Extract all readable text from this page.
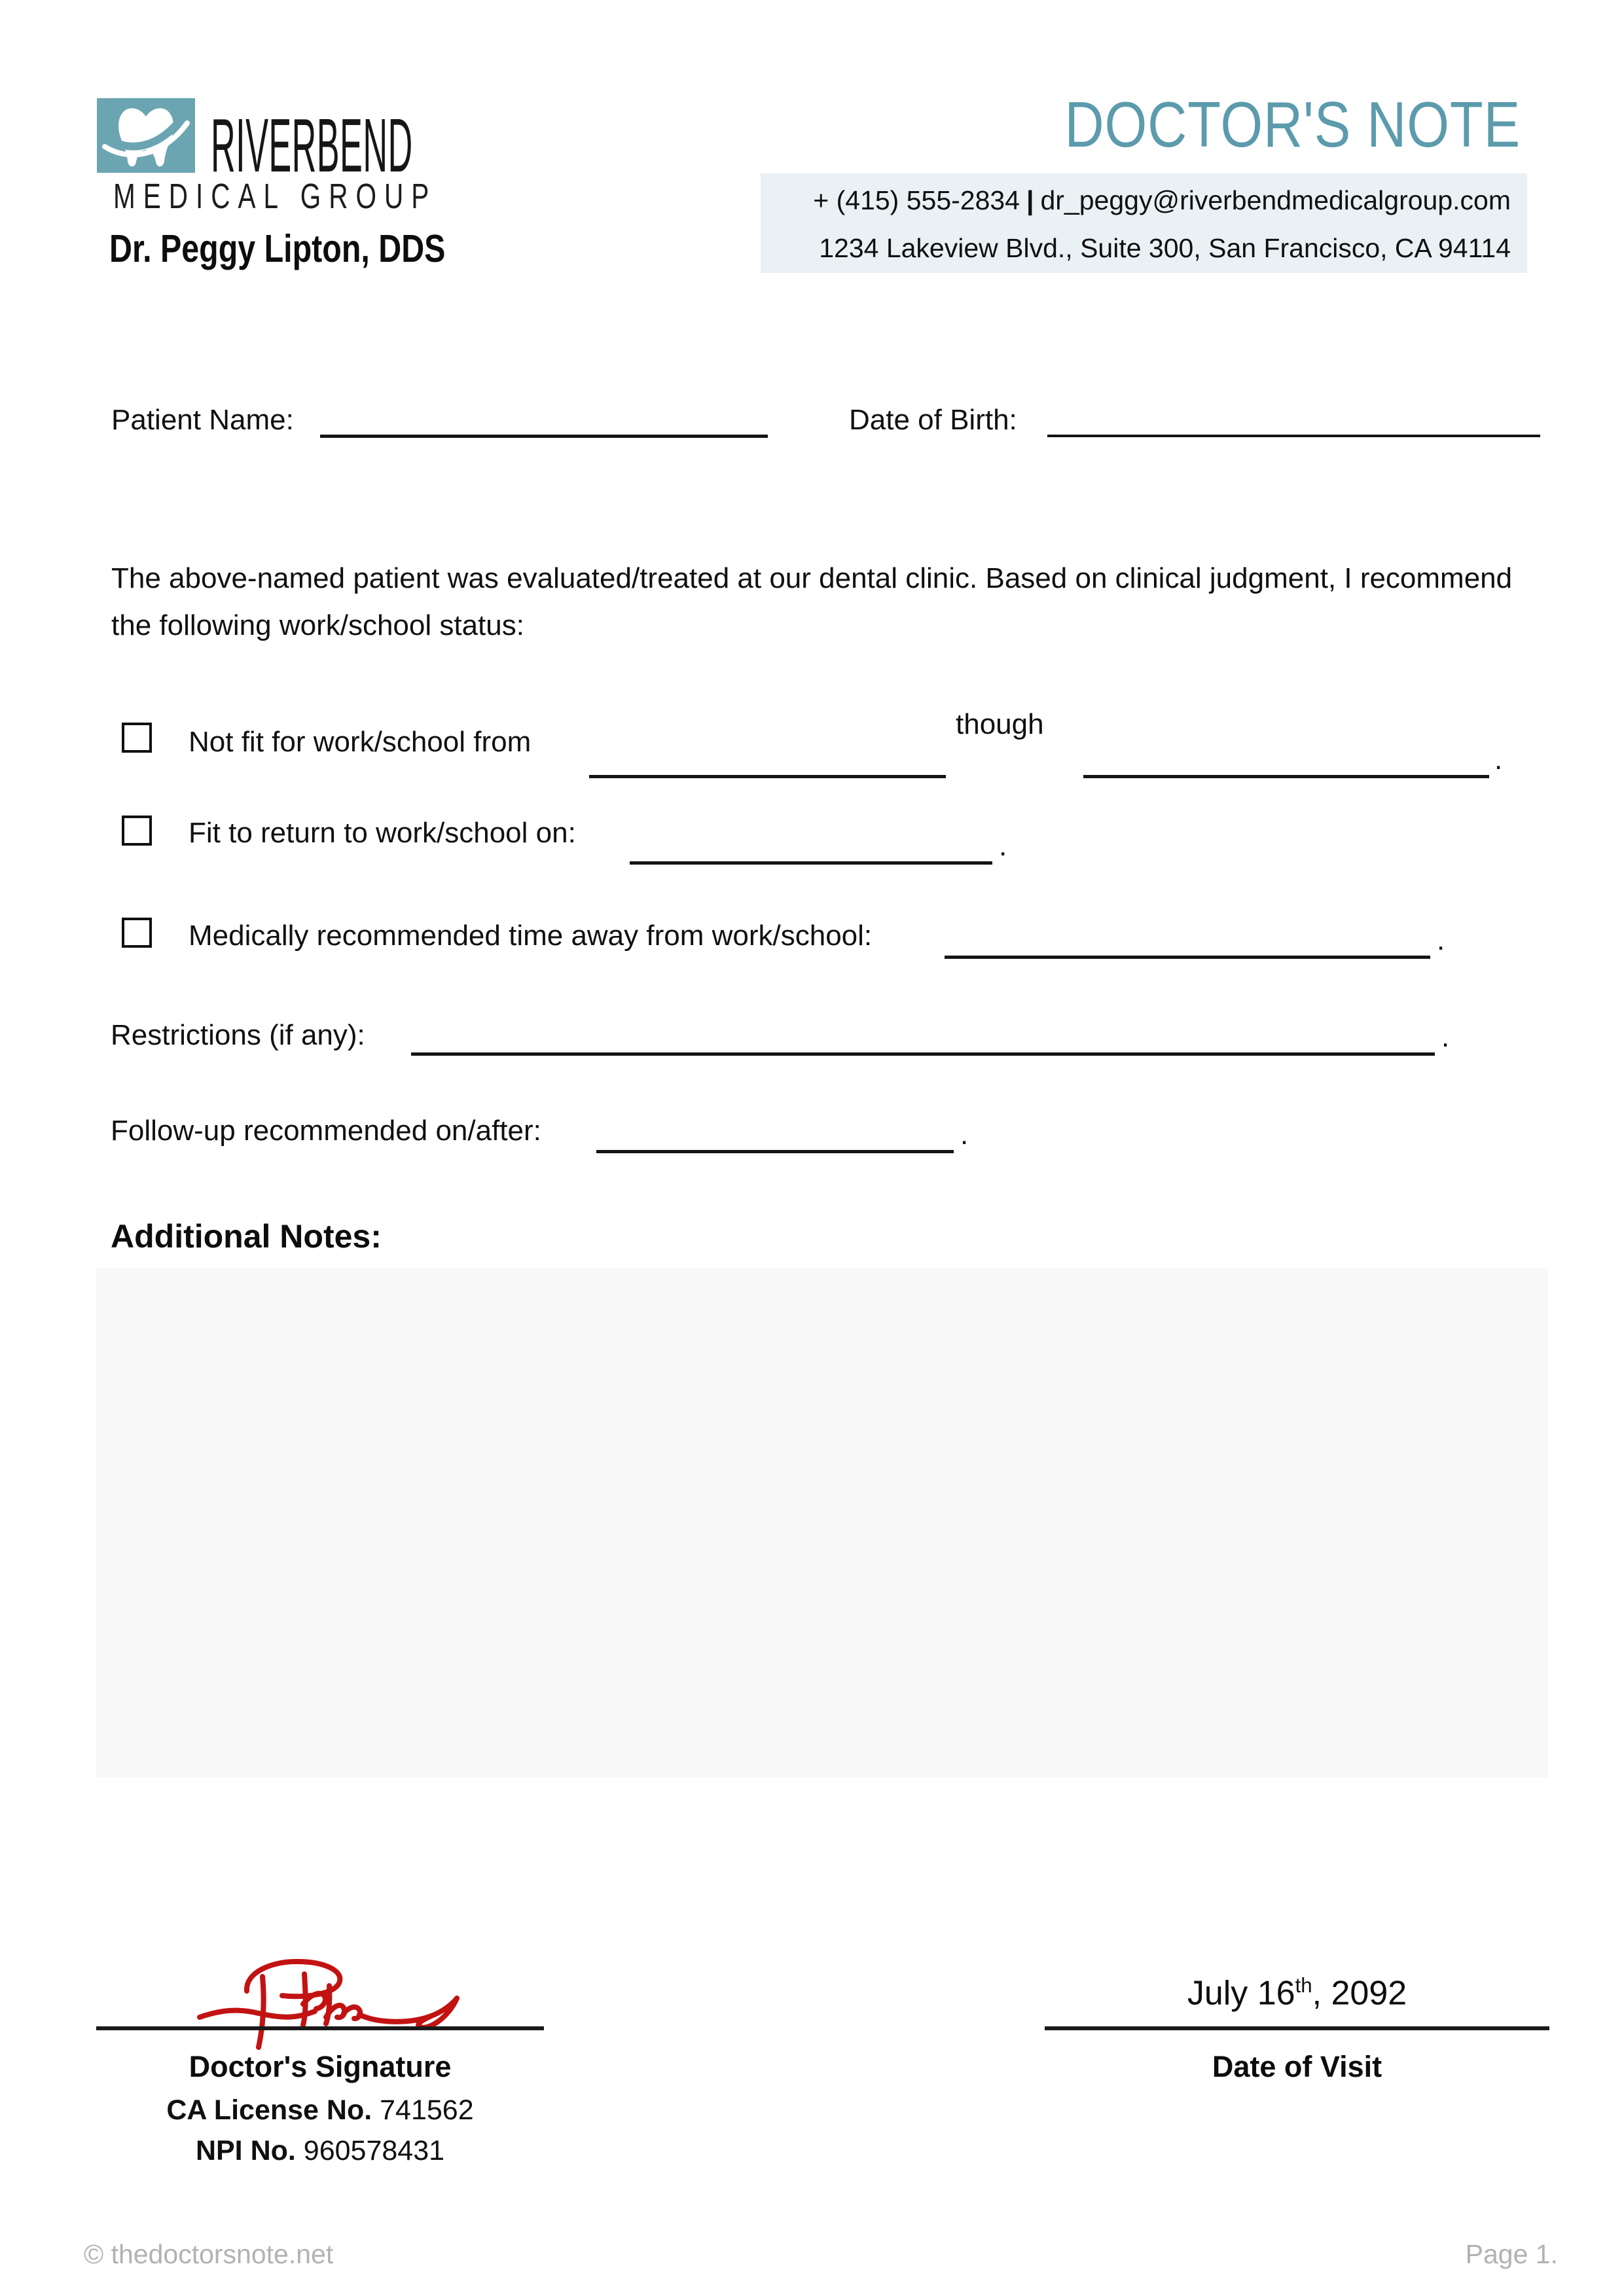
RIVERBEND
MEDICAL GROUP
Dr. Peggy Lipton, DDS
DOCTOR'S NOTE
+ (415) 555-2834 | dr_peggy@riverbendmedicalgroup.com
1234 Lakeview Blvd., Suite 300, San Francisco, CA 94114
Patient Name:	Date of Birth:
The above-named patient was evaluated/treated at our dental clinic. Based on clinical judgment, I recommend the following work/school status:
Not fit for work/school from
though
.
Fit to return to work/school on:	.
Medically recommended time away from work/school:	.
Restrictions (if any):	.
Follow-up recommended on/after:	.
Additional Notes:
July 16th, 2092
Doctor's Signature	Date of Visit
CA License No. 741562
NPI No. 960578431
© thedoctorsnote.net	Page 1.
